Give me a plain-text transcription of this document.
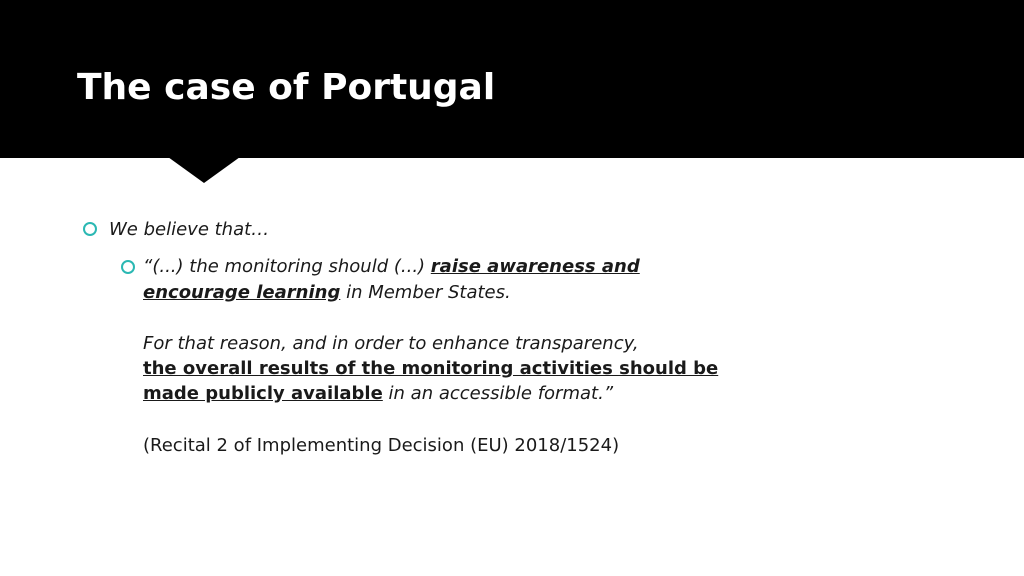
The case of Portugal

We believe that…

“(...) the monitoring should (...) raise awareness and

encourage learning in Member States.

For that reason, and in order to enhance transparency,

the overall results of the monitoring activities should be

made publicly available in an accessible format.”

(Recital 2 of Implementing Decision (EU) 2018/1524)
